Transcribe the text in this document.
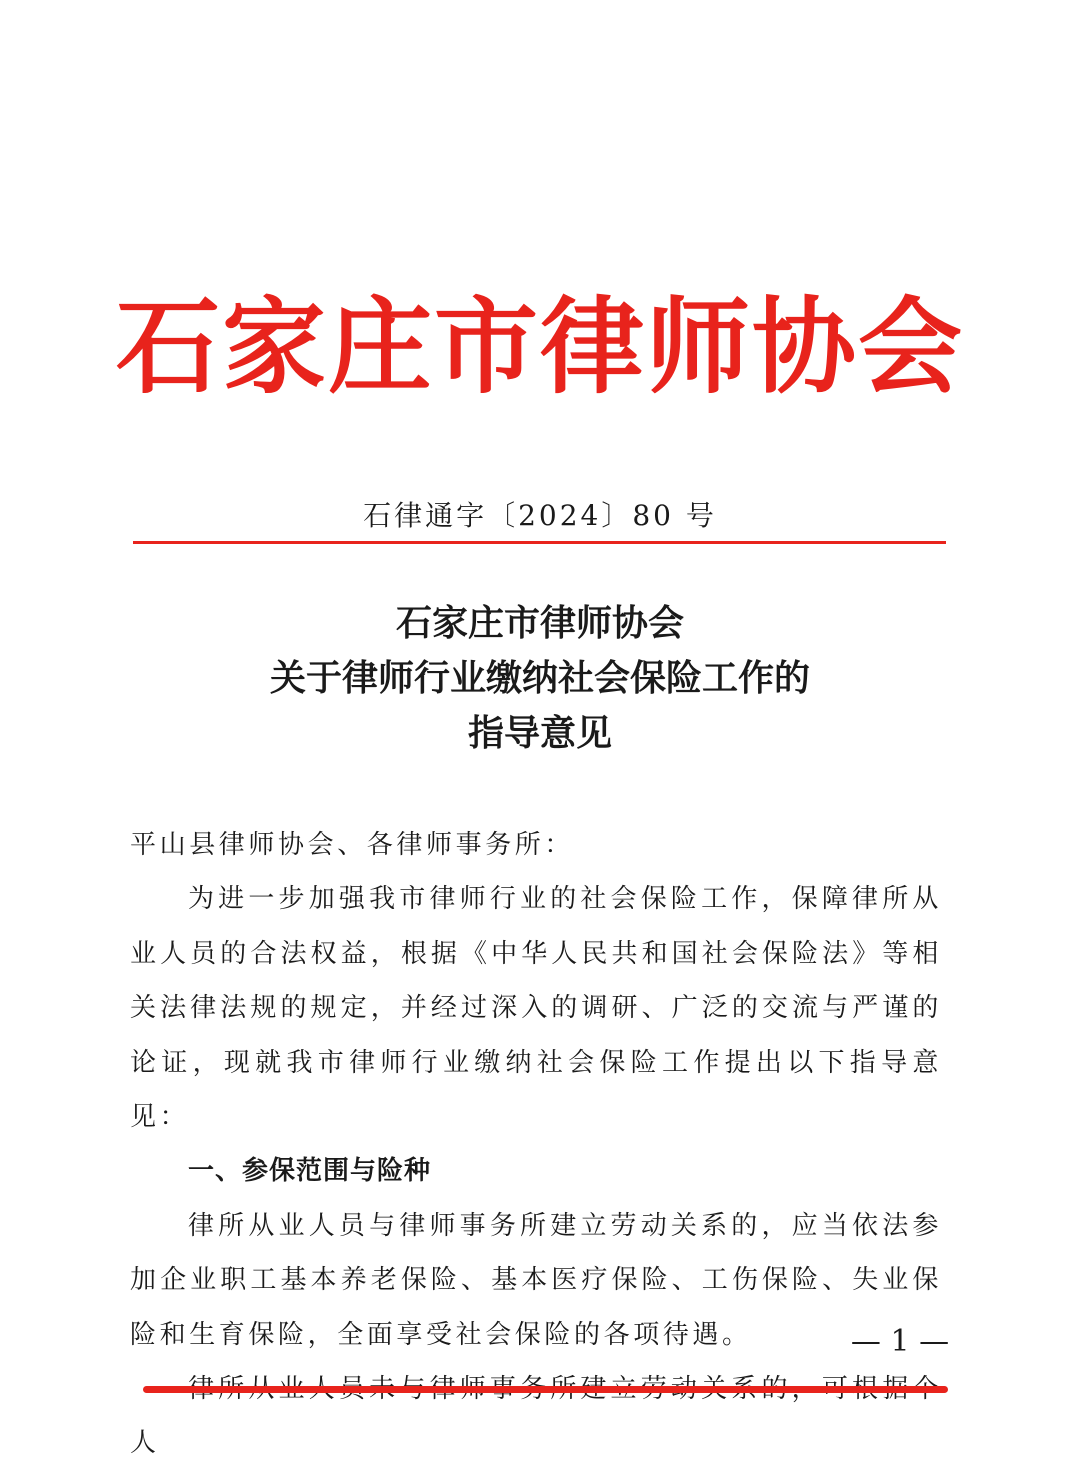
石家庄市律师协会
石律通字〔2024〕80 号
石家庄市律师协会
关于律师行业缴纳社会保险工作的
指导意见

平山县律师协会、各律师事务所：

为进一步加强我市律师行业的社会保险工作，保障律所从业人员的合法权益，根据《中华人民共和国社会保险法》等相关法律法规的规定，并经过深入的调研、广泛的交流与严谨的论证，现就我市律师行业缴纳社会保险工作提出以下指导意见：

一、参保范围与险种

律所从业人员与律师事务所建立劳动关系的，应当依法参加企业职工基本养老保险、基本医疗保险、工伤保险、失业保险和生育保险，全面享受社会保险的各项待遇。

人

— 1 —
